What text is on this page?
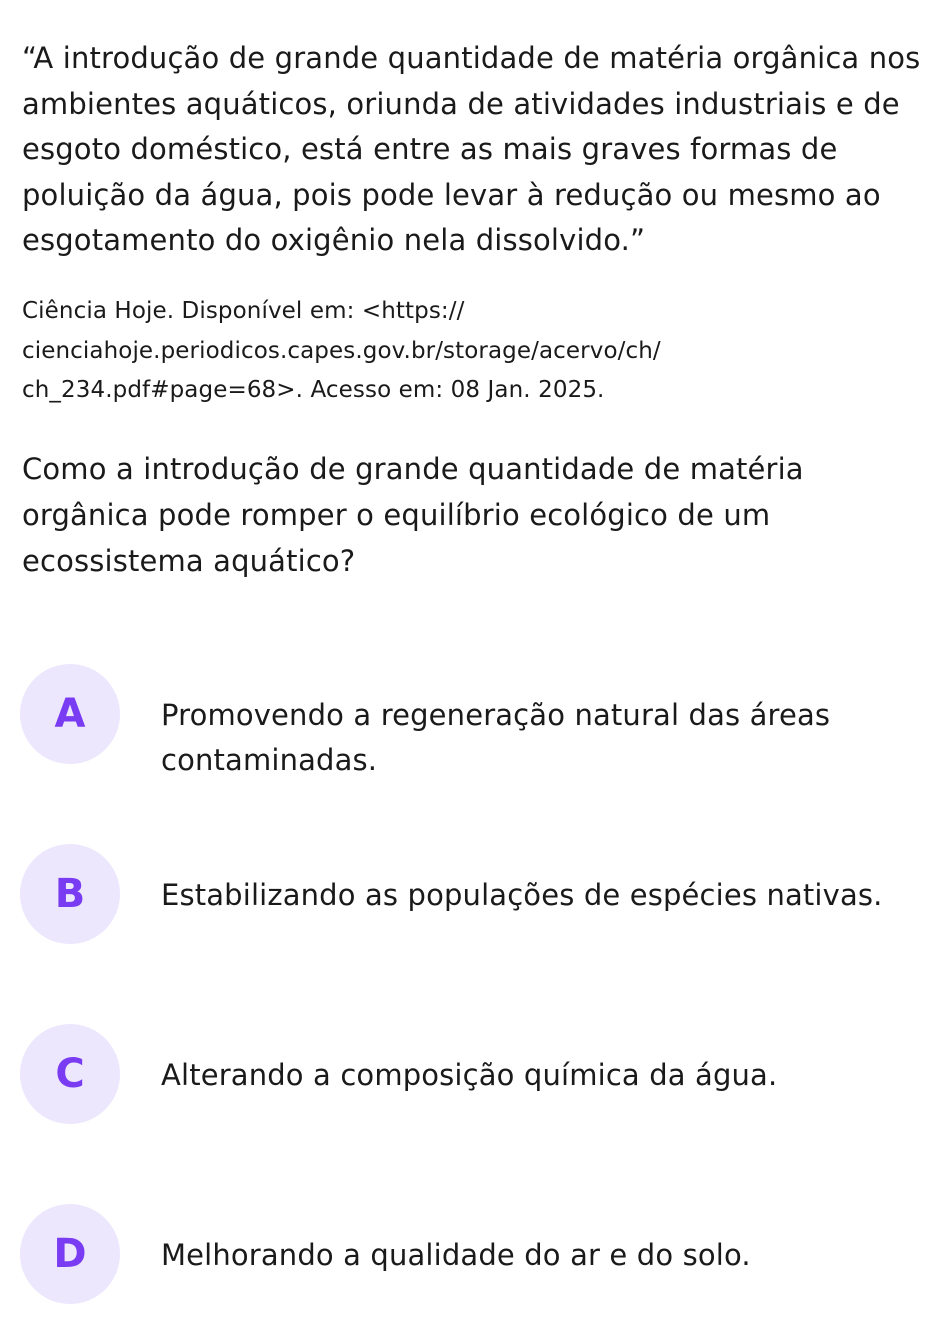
“A introdução de grande quantidade de matéria orgânica nos ambientes aquáticos, oriunda de atividades industriais e de esgoto doméstico, está entre as mais graves formas de poluição da água, pois pode levar à redução ou mesmo ao esgotamento do oxigênio nela dissolvido.”

Ciência Hoje. Disponível em: <https:// cienciahoje.periodicos.capes.gov.br/storage/acervo/ch/ ch_234.pdf#page=68>. Acesso em: 08 Jan. 2025.

Como a introdução de grande quantidade de matéria orgânica pode romper o equilíbrio ecológico de um ecossistema aquático?

A	Promovendo a regeneração natural das áreas contaminadas.
B	Estabilizando as populações de espécies nativas.
C	Alterando a composição química da água.
D	Melhorando a qualidade do ar e do solo.
